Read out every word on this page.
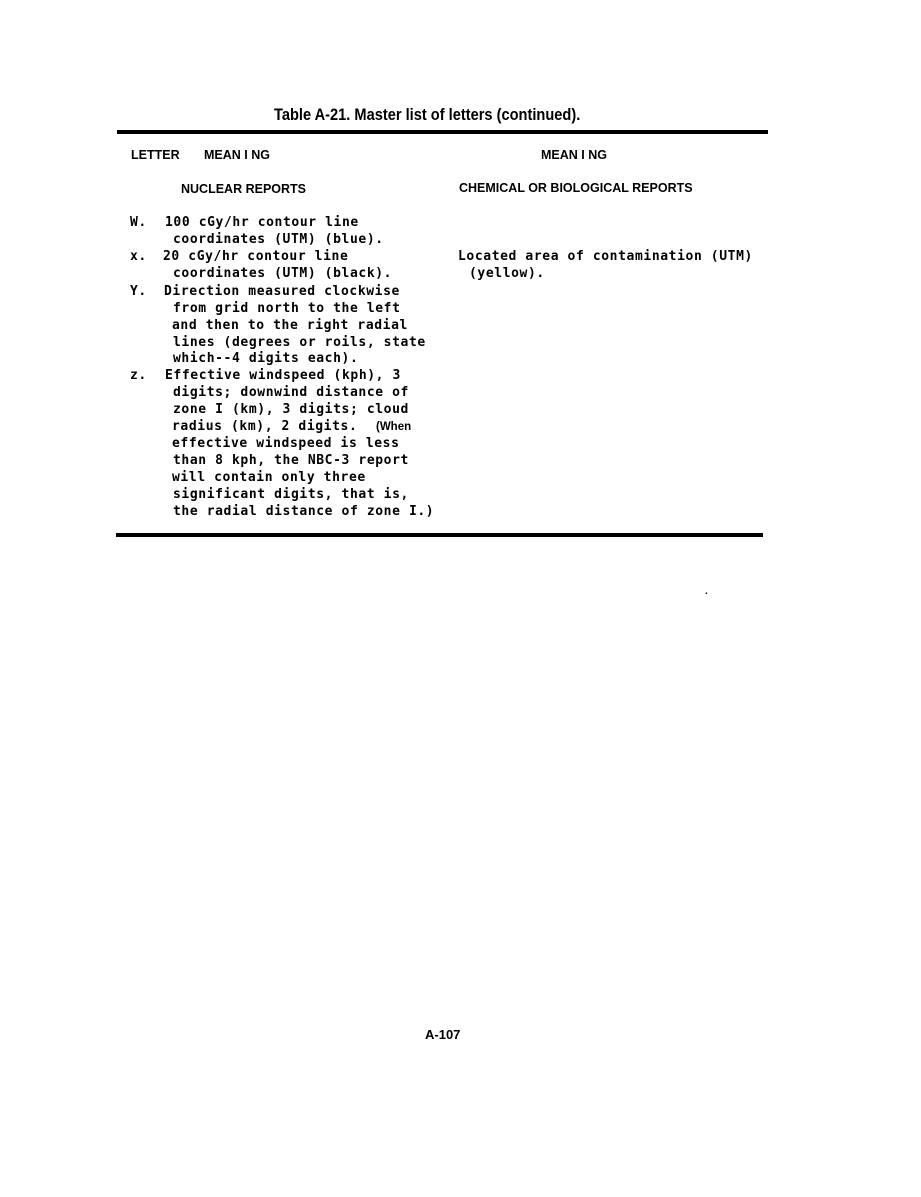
Table A-21. Master list of letters (continued).
LETTER MEAN I NG	MEAN I NG
NUCLEAR REPORTS	CHEMICAL OR BIOLOGICAL REPORTS
W. 100 cGy/hr contour line
coordinates (UTM) (blue).
x. 20 cGy/hr contour line
coordinates (UTM) (black).
Located area of contamination (UTM)
(yellow).
Y. Direction measured clockwise
from grid north to the left
and then to the right radial
lines (degrees or roils, state
which--4 digits each).
z. Effective windspeed (kph), 3
digits; downwind distance of
zone I (km), 3 digits; cloud
radius (km), 2 digits. (When
effective windspeed is less
than 8 kph, the NBC-3 report
will contain only three
significant digits, that is,
the radial distance of zone I.)
.
A-107
